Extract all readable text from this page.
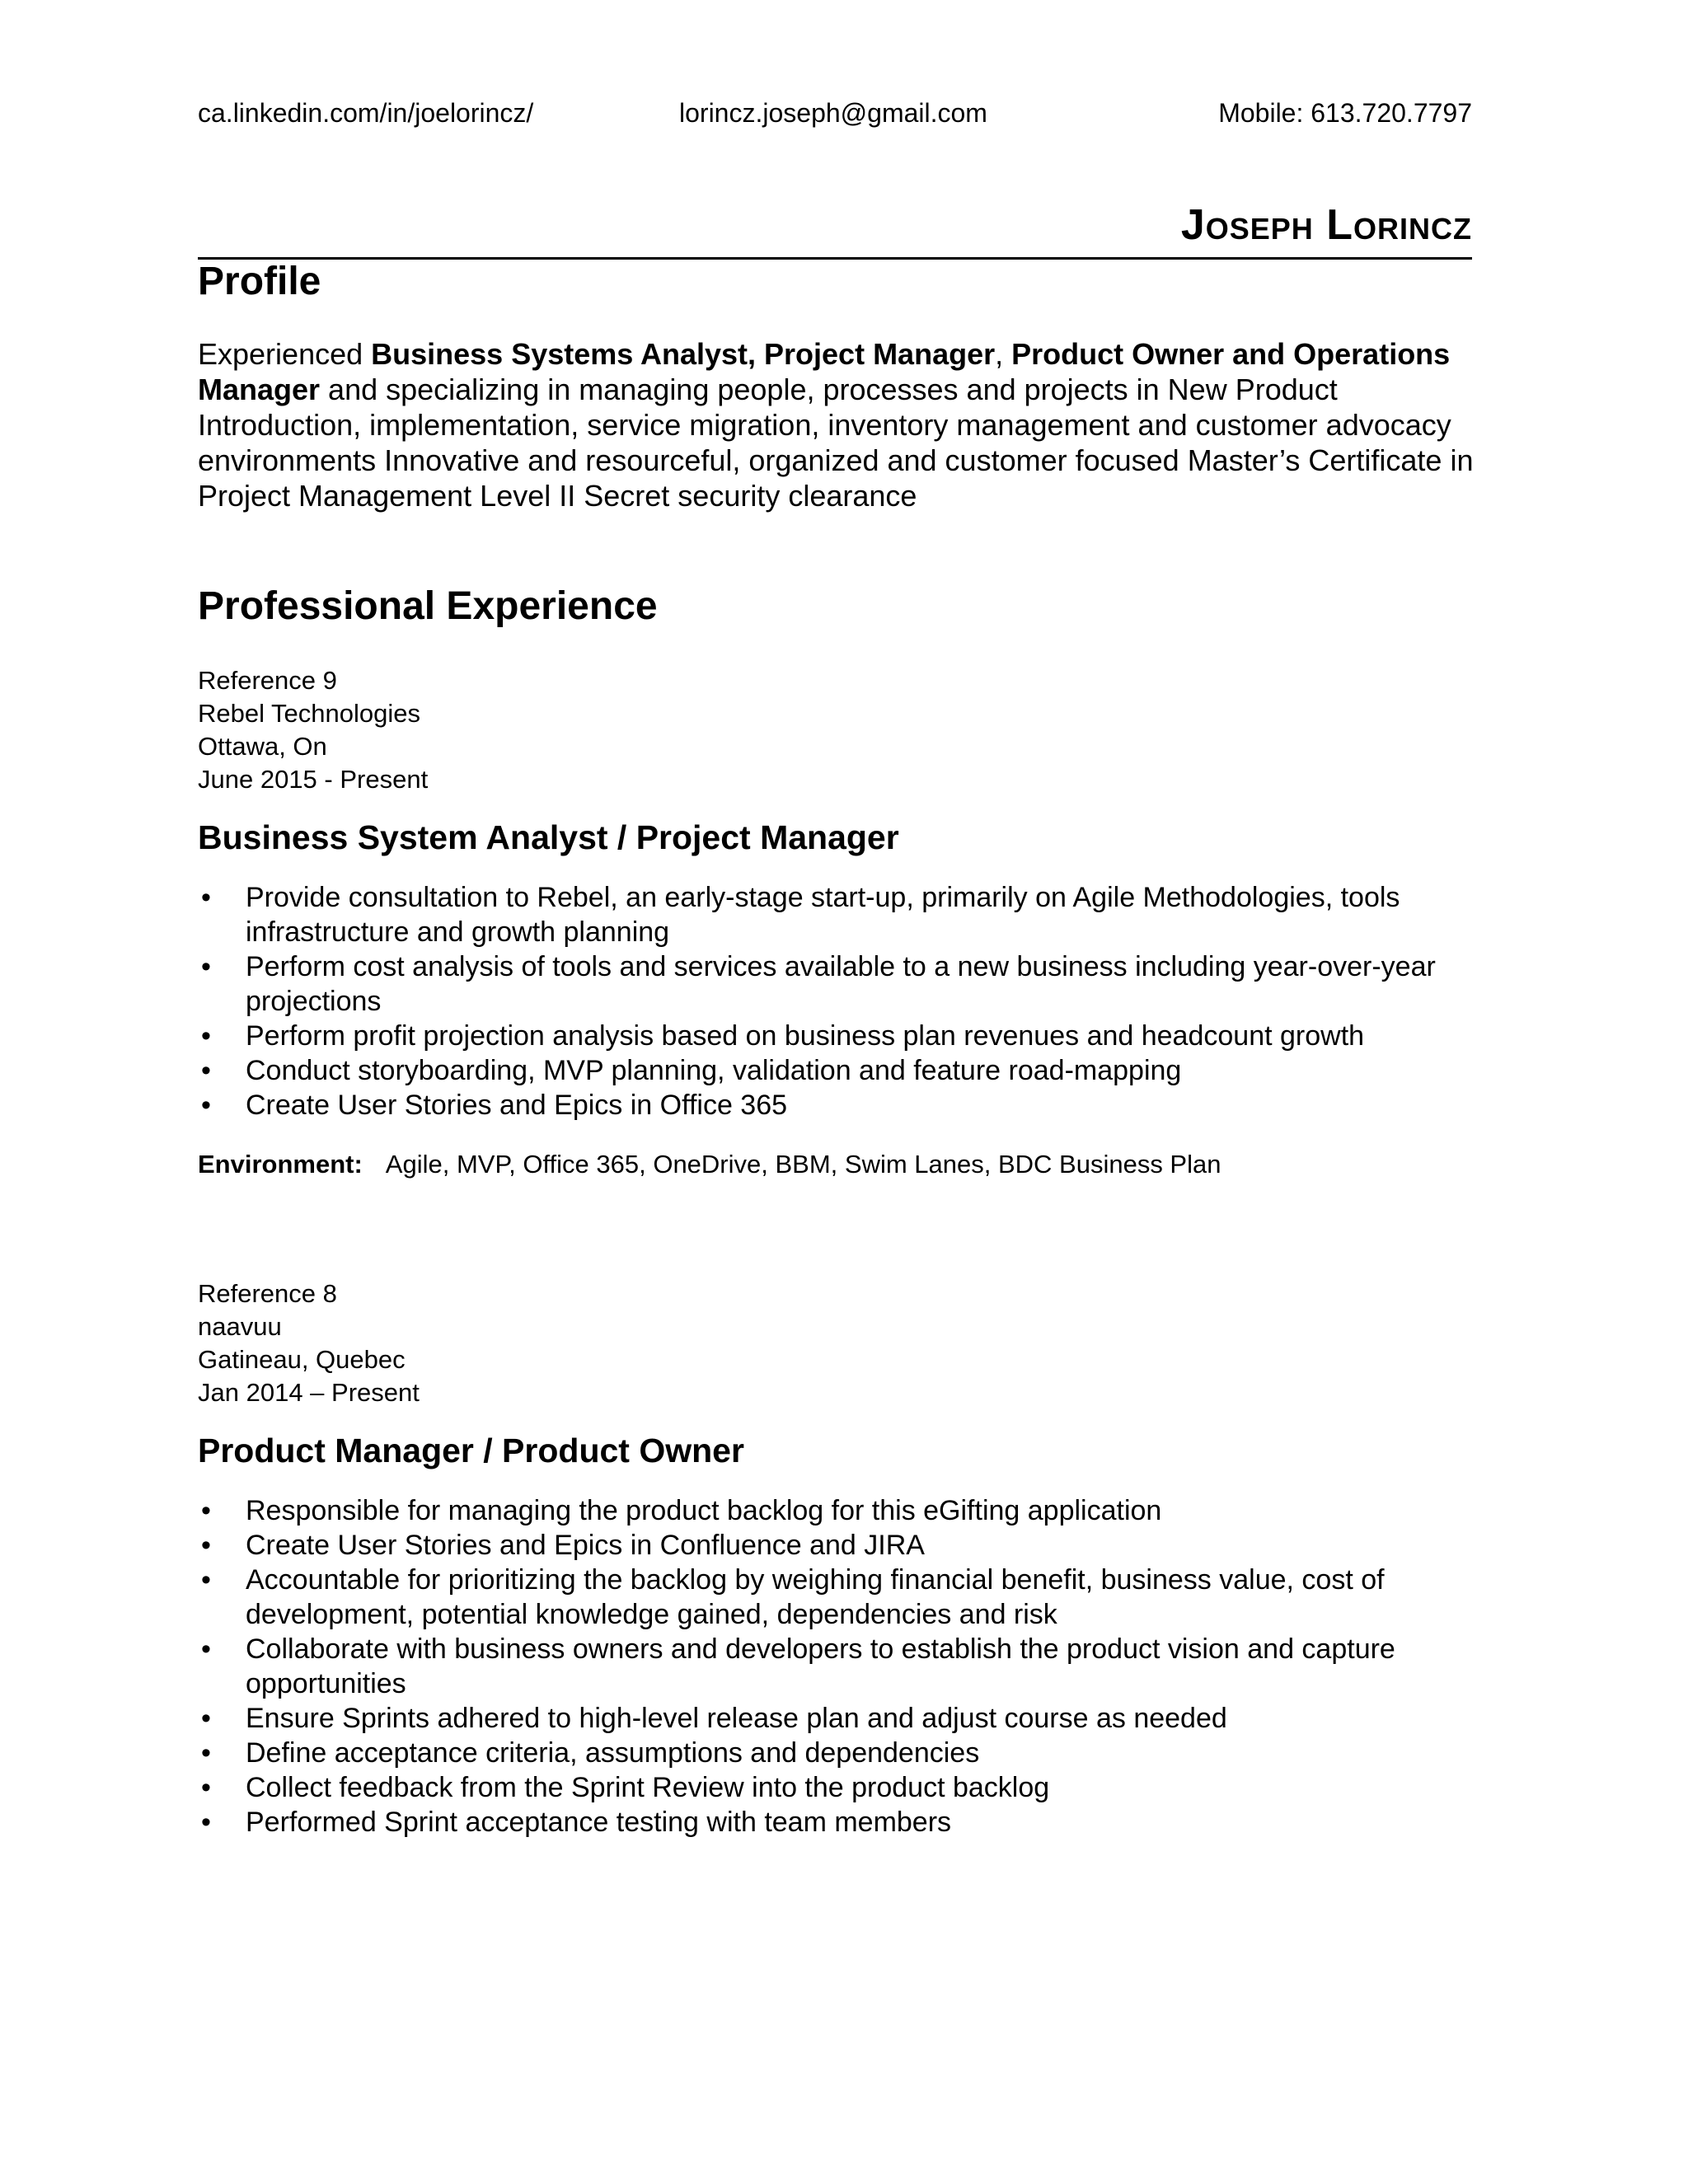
ca.linkedin.com/in/joelorincz/	lorincz.joseph@gmail.com	Mobile: 613.720.7797
Joseph Lorincz
Profile

Experienced Business Systems Analyst, Project Manager, Product Owner and Operations Manager and specializing in managing people, processes and projects in New Product Introduction, implementation, service migration, inventory management and customer advocacy environments Innovative and resourceful, organized and customer focused Master’s Certificate in Project Management Level II Secret security clearance

Professional Experience
Reference 9
Rebel Technologies
Ottawa, On
June 2015 - Present
Business System Analyst / Project Manager
• Provide consultation to Rebel, an early-stage start-up, primarily on Agile Methodologies, tools infrastructure and growth planning
• Perform cost analysis of tools and services available to a new business including year-over-year projections
• Perform profit projection analysis based on business plan revenues and headcount growth
• Conduct storyboarding, MVP planning, validation and feature road-mapping
• Create User Stories and Epics in Office 365

Environment: Agile, MVP, Office 365, OneDrive, BBM, Swim Lanes, BDC Business Plan

Reference 8
naavuu
Gatineau, Quebec
Jan 2014 – Present
Product Manager / Product Owner
• Responsible for managing the product backlog for this eGifting application
• Create User Stories and Epics in Confluence and JIRA
• Accountable for prioritizing the backlog by weighing financial benefit, business value, cost of development, potential knowledge gained, dependencies and risk
• Collaborate with business owners and developers to establish the product vision and capture opportunities
• Ensure Sprints adhered to high-level release plan and adjust course as needed
• Define acceptance criteria, assumptions and dependencies
• Collect feedback from the Sprint Review into the product backlog
• Performed Sprint acceptance testing with team members
